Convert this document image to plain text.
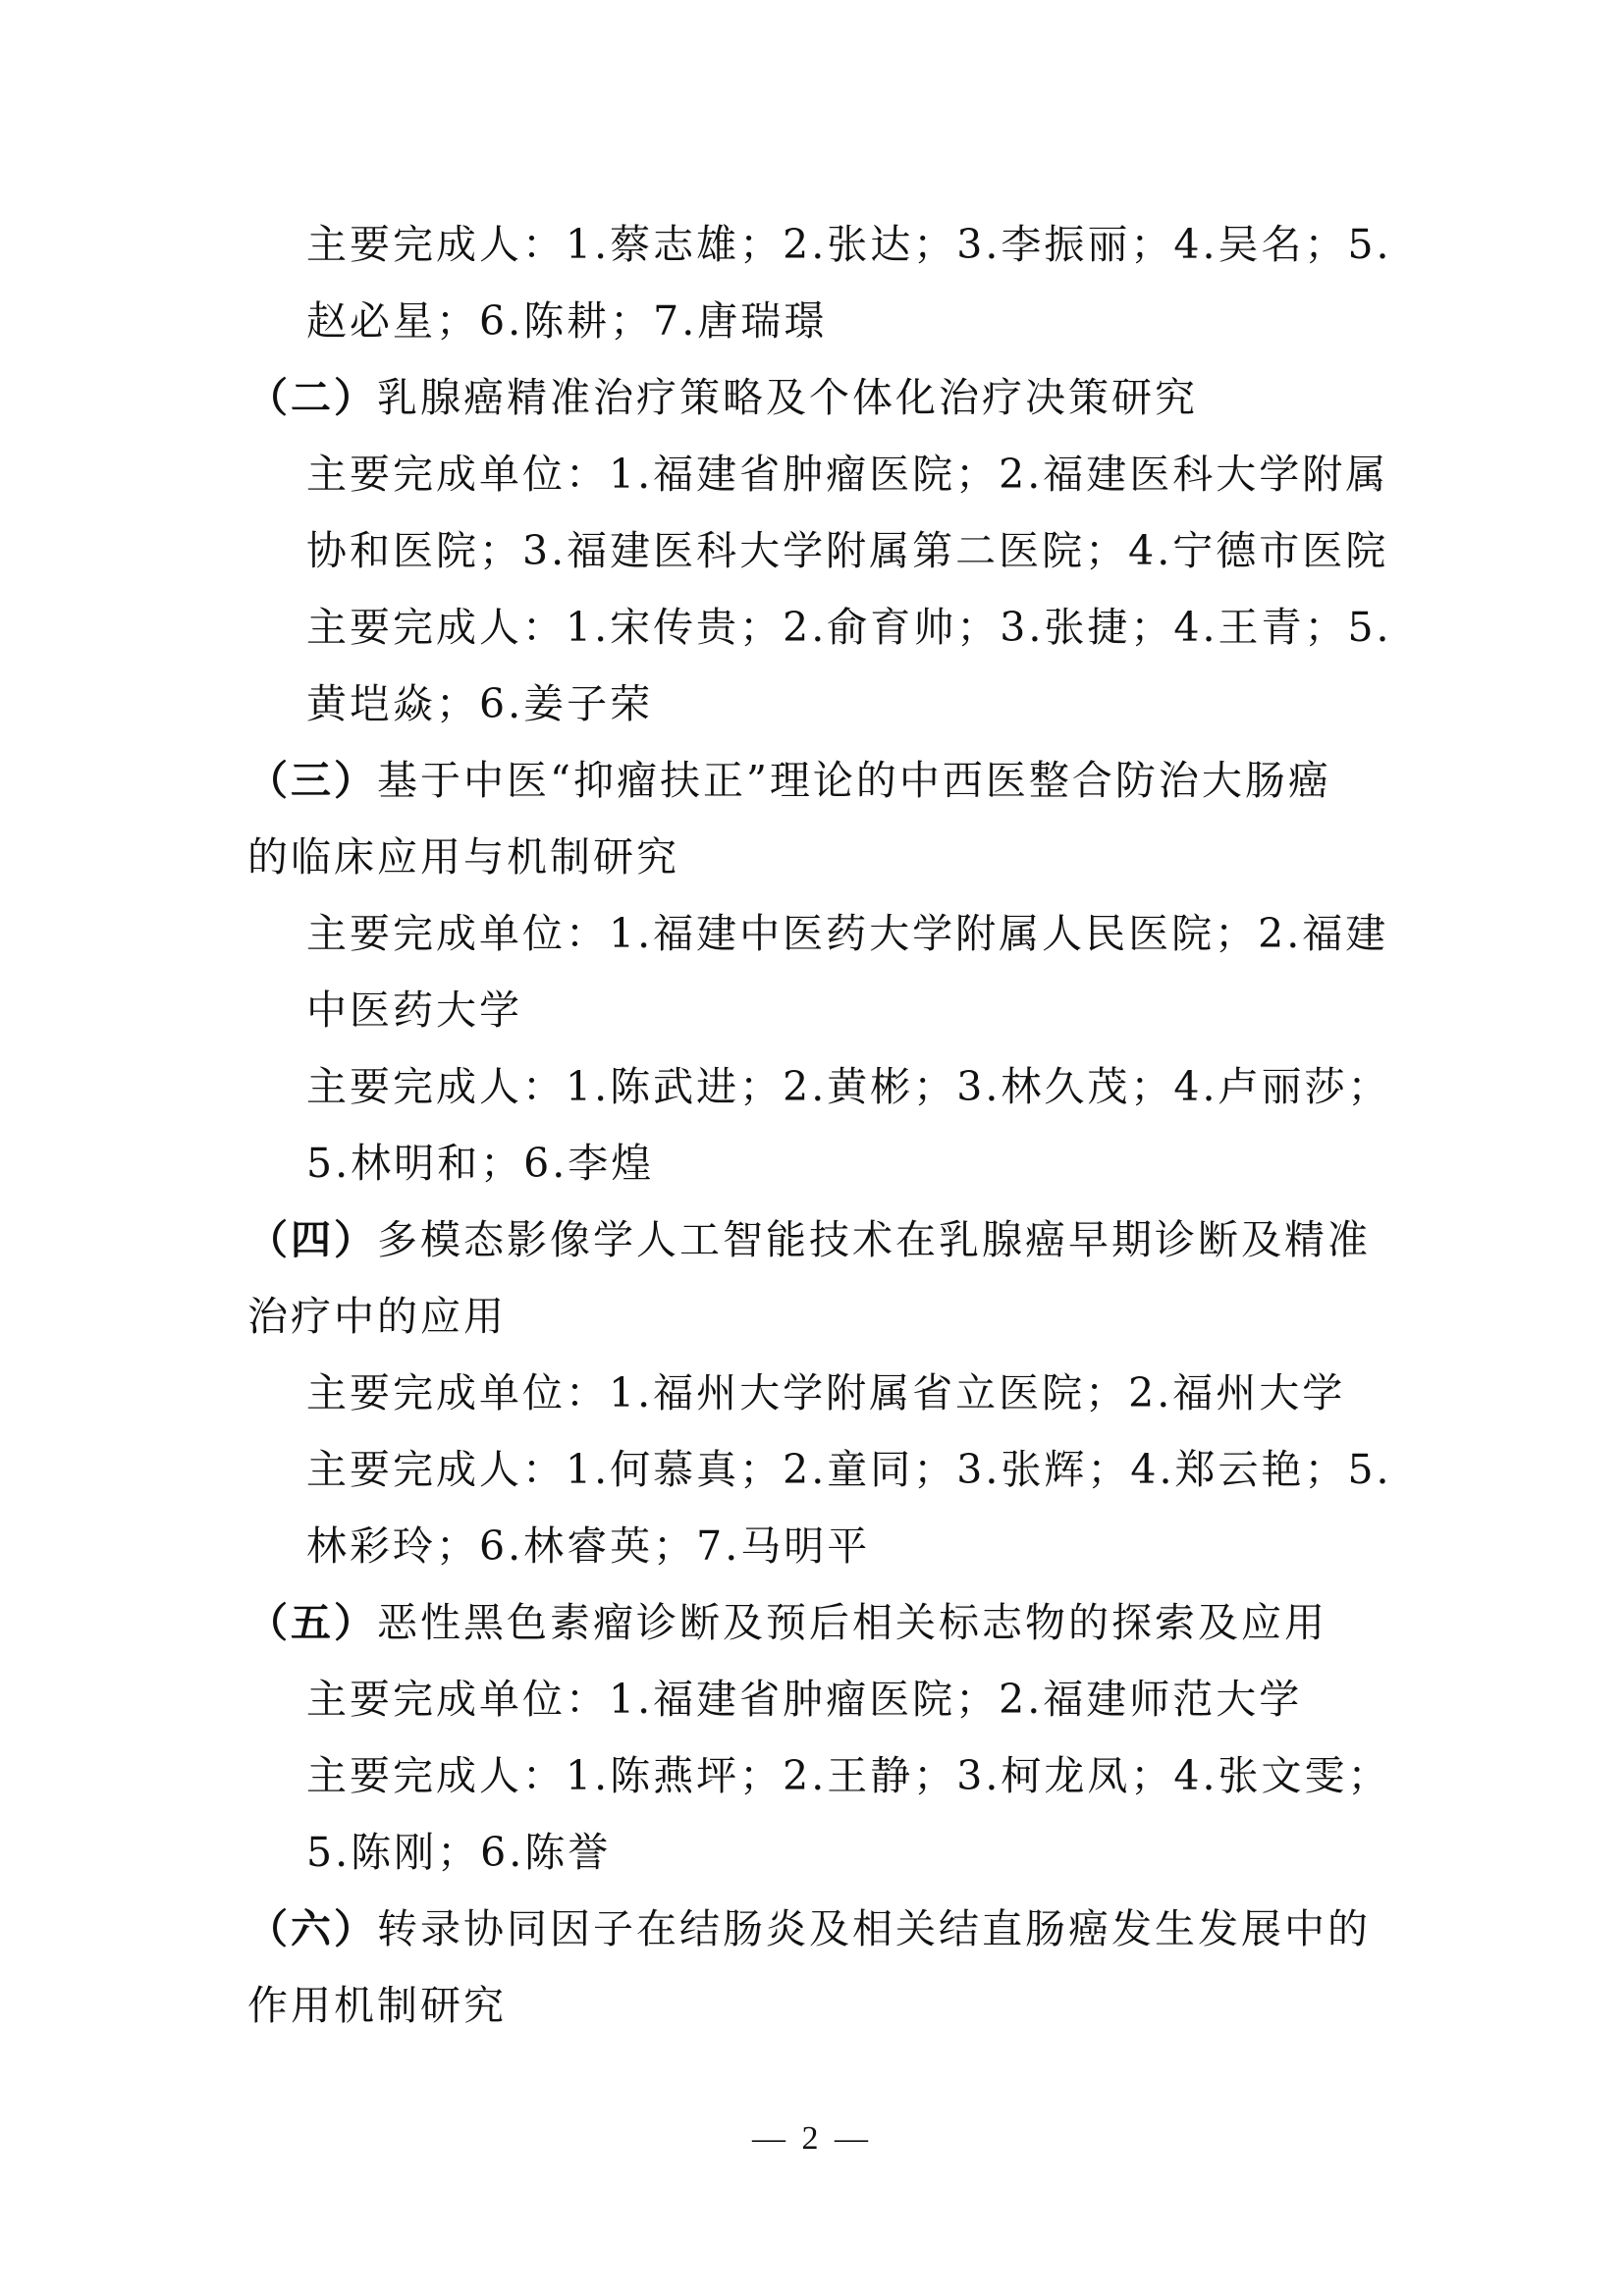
主要完成人：1.蔡志雄；2.张达；3.李振丽；4.吴名；5.
赵必星；6.陈耕；7.唐瑞璟
（二）乳腺癌精准治疗策略及个体化治疗决策研究
主要完成单位：1.福建省肿瘤医院；2.福建医科大学附属
协和医院；3.福建医科大学附属第二医院；4.宁德市医院
主要完成人：1.宋传贵；2.俞育帅；3.张捷；4.王青；5.
黄垲焱；6.姜子荣
（三）基于中医“抑瘤扶正”理论的中西医整合防治大肠癌
的临床应用与机制研究
主要完成单位：1.福建中医药大学附属人民医院；2.福建
中医药大学
主要完成人：1.陈武进；2.黄彬；3.林久茂；4.卢丽莎；
5.林明和；6.李煌
（四）多模态影像学人工智能技术在乳腺癌早期诊断及精准
治疗中的应用
主要完成单位：1.福州大学附属省立医院；2.福州大学
主要完成人：1.何慕真；2.童同；3.张辉；4.郑云艳；5.
林彩玲；6.林睿英；7.马明平
（五）恶性黑色素瘤诊断及预后相关标志物的探索及应用
主要完成单位：1.福建省肿瘤医院；2.福建师范大学
主要完成人：1.陈燕坪；2.王静；3.柯龙凤；4.张文雯；
5.陈刚；6.陈誉
（六）转录协同因子在结肠炎及相关结直肠癌发生发展中的
作用机制研究
— 2 —
